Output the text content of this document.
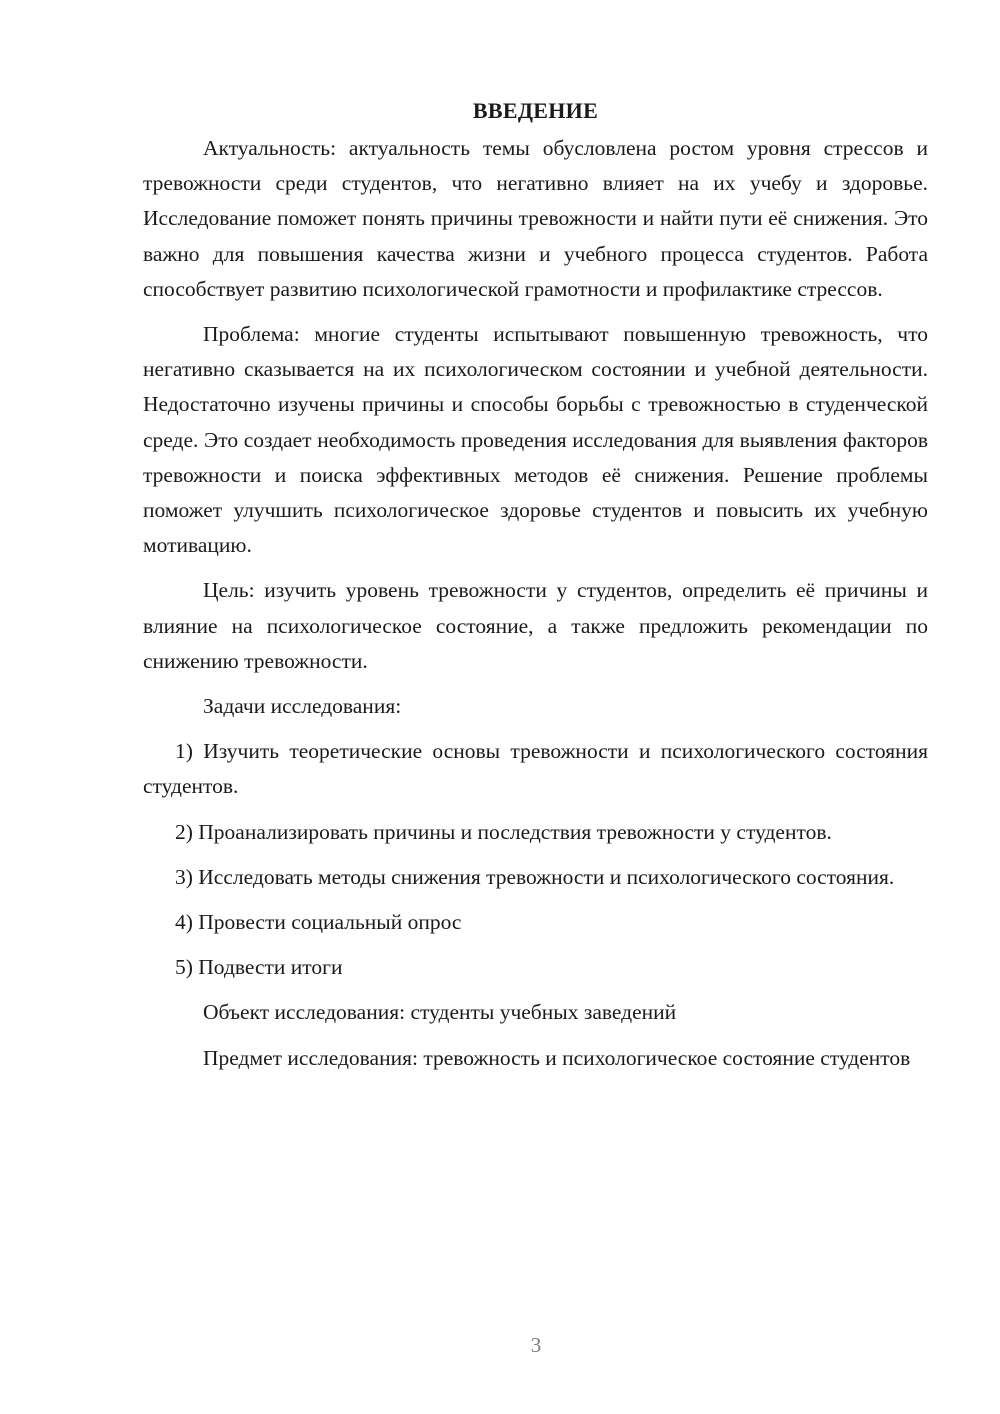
ВВЕДЕНИЕ

Актуальность: актуальность темы обусловлена ростом уровня стрессов и тревожности среди студентов, что негативно влияет на их учебу и здоровье. Исследование поможет понять причины тревожности и найти пути её снижения. Это важно для повышения качества жизни и учебного процесса студентов. Работа способствует развитию психологической грамотности и профилактике стрессов.

Проблема: многие студенты испытывают повышенную тревожность, что негативно сказывается на их психологическом состоянии и учебной деятельности. Недостаточно изучены причины и способы борьбы с тревожностью в студенческой среде. Это создает необходимость проведения исследования для выявления факторов тревожности и поиска эффективных методов её снижения. Решение проблемы поможет улучшить психологическое здоровье студентов и повысить их учебную мотивацию.

Цель: изучить уровень тревожности у студентов, определить её причины и влияние на психологическое состояние, а также предложить рекомендации по снижению тревожности.

Задачи исследования:

1) Изучить теоретические основы тревожности и психологического состояния студентов.

2) Проанализировать причины и последствия тревожности у студентов.

3) Исследовать методы снижения тревожности и психологического состояния.

4) Провести социальный опрос

5) Подвести итоги

Объект исследования: студенты учебных заведений

Предмет исследования: тревожность и психологическое состояние студентов

3
